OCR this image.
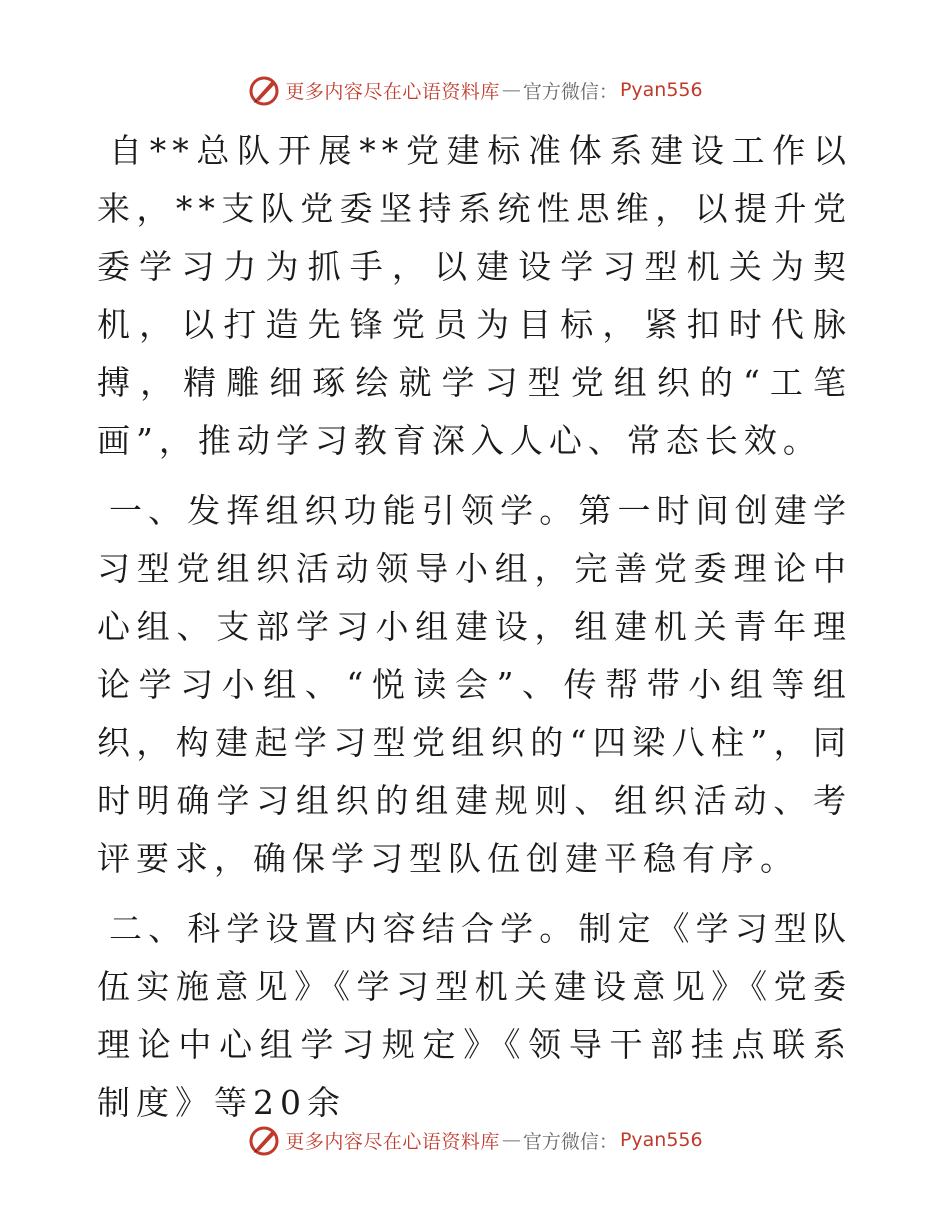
更多内容尽在心语资料库 — 官方微信： Pyan556

自**总队开展**党建标准体系建设工作以来，**支队党委坚持系统性思维，以提升党委学习力为抓手，以建设学习型机关为契机，以打造先锋党员为目标，紧扣时代脉搏，精雕细琢绘就学习型党组织的“工笔画”，推动学习教育深入人心、常态长效。

一、发挥组织功能引领学。第一时间创建学习型党组织活动领导小组，完善党委理论中心组、支部学习小组建设，组建机关青年理论学习小组、“悦读会”、传帮带小组等组织，构建起学习型党组织的“四梁八柱”，同时明确学习组织的组建规则、组织活动、考评要求，确保学习型队伍创建平稳有序。

二、科学设置内容结合学。制定《学习型队伍实施意见》《学习型机关建设意见》《党委理论中心组学习规定》《领导干部挂点联系制度》等20余

更多内容尽在心语资料库 — 官方微信： Pyan556
